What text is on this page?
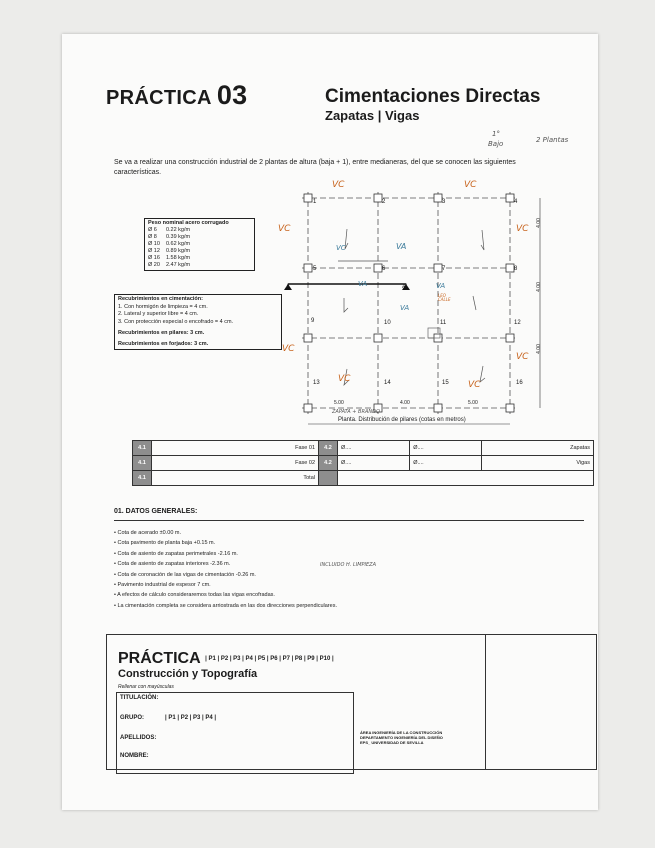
PRÁCTICA 03	Cimentaciones Directas
Zapatas | Vigas
1°
Bajo	2 Plantas
Se va a realizar una construcción industrial de 2 plantas de altura (baja + 1), entre medianeras, del que se conocen las siguientes características.
Peso nominal acero corrugado
Ø 6	0.22 kg/m
Ø 8	0.39 kg/m
Ø 10	0.62 kg/m
Ø 12	0.89 kg/m
Ø 16	1.58 kg/m
Ø 20	2.47 kg/m
Recubrimientos en cimentación:
1. Con hormigón de limpieza = 4 cm.
2. Lateral y superior libre = 4 cm.
3. Con protección especial o encofrado = 4 cm.
Recubrimientos en pilares: 3 cm.
Recubrimientos en forjados: 3 cm.
1	2	3	4
5	6	7	8
9	10	11	12
13	14	15	16
A	A'
5.00	4.00	5.00
4.00
4.00
4.00
VC	VC
VC	VC
VC	VA
VA	VA
VA
VC
VC
VC
VC
LEO CALLE
ZAPATA + BRANDO
Planta. Distribución de pilares (cotas en metros)
4.1	Fase 01	4.2	Ø....	Ø....	Zapatas
4.1	Fase 02	4.2	Ø....	Ø....	Vigas
4.1	Total				
01. DATOS GENERALES:
• Cota de acerado ±0.00 m.
• Cota pavimento de planta baja +0.15 m.
• Cota de asiento de zapatas perimetrales -2.16 m.
• Cota de asiento de zapatas interiores -2.36 m.
• Cota de coronación de las vigas de cimentación -0.26 m.
• Pavimento industrial de espesor 7 cm.
• A efectos de cálculo consideraremos todas las vigas encofradas.
• La cimentación completa se considera arriostrada en las dos direcciones perpendiculares.
INCLUIDO H. LIMPIEZA
PRÁCTICA | P1 | P2 | P3 | P4 | P5 | P6 | P7 | P8 | P9 | P10 |
Construcción y Topografía
Rellenar con mayúsculas
TITULACIÓN:
GRUPO:	| P1 | P2 | P3 | P4 |
APELLIDOS:
NOMBRE:
ÁREA INGENIERÍA DE LA CONSTRUCCIÓN
DEPARTAMENTO INGENIERÍA DEL DISEÑO
EPS_ UNIVERSIDAD DE SEVILLA
